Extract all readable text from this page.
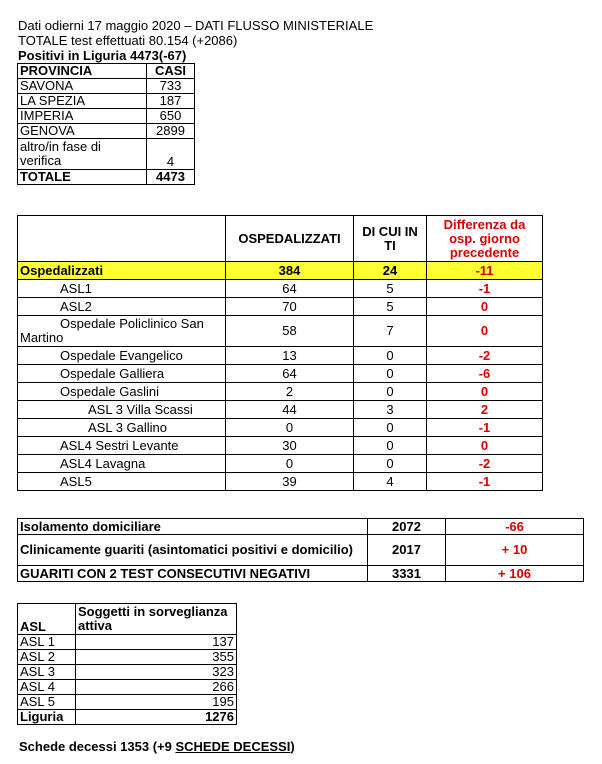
Dati odierni 17 maggio 2020 – DATI FLUSSO MINISTERIALE
TOTALE test effettuati 80.154 (+2086)
Positivi in Liguria 4473(-67)
PROVINCIA	CASI
SAVONA	733
LA SPEZIA	187
IMPERIA	650
GENOVA	2899
altro/in fase di verifica	4
TOTALE	4473
	OSPEDALIZZATI	DI CUI IN TI	Differenza da osp. giorno precedente
Ospedalizzati	384	24	-11
ASL1	64	5	-1
ASL2	70	5	0
Ospedale Policlinico San Martino	58	7	0
Ospedale Evangelico	13	0	-2
Ospedale Galliera	64	0	-6
Ospedale Gaslini	2	0	0
ASL 3 Villa Scassi	44	3	2
ASL 3 Gallino	0	0	-1
ASL4 Sestri Levante	30	0	0
ASL4 Lavagna	0	0	-2
ASL5	39	4	-1
Isolamento domiciliare	2072	-66
Clinicamente guariti (asintomatici positivi e domicilio)	2017	+ 10
GUARITI CON 2 TEST CONSECUTIVI NEGATIVI	3331	+ 106
ASL	Soggetti in sorveglianza attiva
ASL 1	137
ASL 2	355
ASL 3	323
ASL 4	266
ASL 5	195
Liguria	1276
Schede decessi 1353 (+9 SCHEDE DECESSI)
